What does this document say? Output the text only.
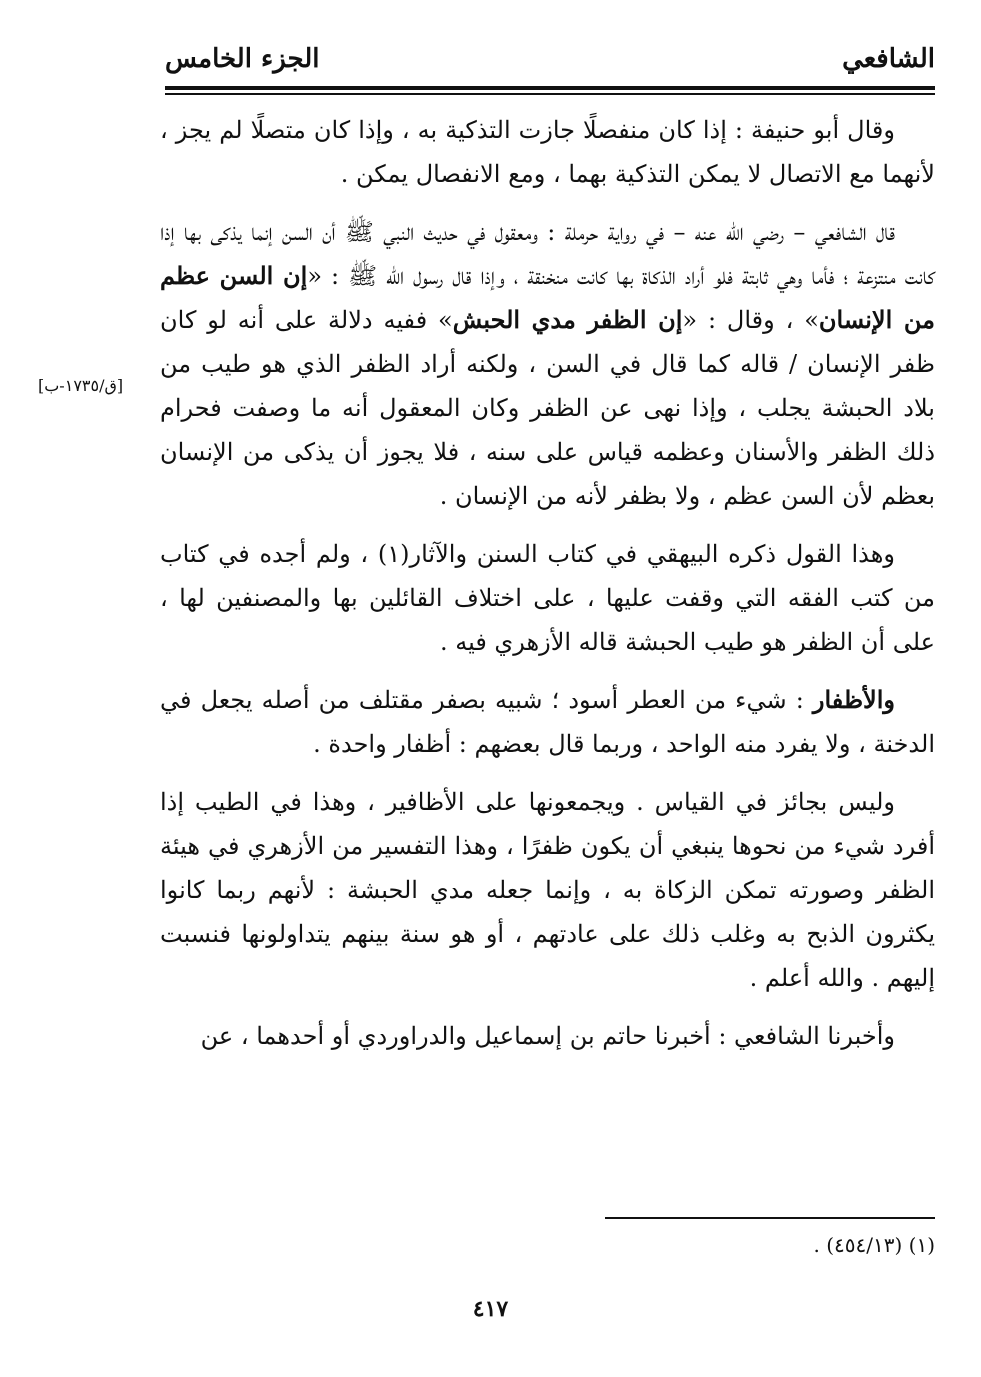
الشافعي
الجزء الخامس
[ق/١٧٣٥-ب]

وقال أبو حنيفة : إذا كان منفصلًا جازت التذكية به ، وإذا كان متصلًا لم يجز ، لأنهما مع الاتصال لا يمكن التذكية بهما ، ومع الانفصال يمكن .

قال الشافعي – رضي الله عنه – في رواية حرملة : ومعقول في حديث النبي ﷺ أن السن إنما يذكى بها إذا كانت منتزعة ؛ فأما وهي ثابتة فلو أراد الذكاة بها كانت منخنقة ، وإذا قال رسول الله ﷺ : «إن السن عظم من الإنسان» ، وقال : «إن الظفر مدي الحبش» ففيه دلالة على أنه لو كان ظفر الإنسان / قاله كما قال في السن ، ولكنه أراد الظفر الذي هو طيب من بلاد الحبشة يجلب ، وإذا نهى عن الظفر وكان المعقول أنه ما وصفت فحرام ذلك الظفر والأسنان وعظمه قياس على سنه ، فلا يجوز أن يذكى من الإنسان بعظم لأن السن عظم ، ولا بظفر لأنه من الإنسان .

وهذا القول ذكره البيهقي في كتاب السنن والآثار(١) ، ولم أجده في كتاب من كتب الفقه التي وقفت عليها ، على اختلاف القائلين بها والمصنفين لها ، على أن الظفر هو طيب الحبشة قاله الأزهري فيه .

والأظفار : شيء من العطر أسود ؛ شبيه بصفر مقتلف من أصله يجعل في الدخنة ، ولا يفرد منه الواحد ، وربما قال بعضهم : أظفار واحدة .

وليس بجائز في القياس . ويجمعونها على الأظافير ، وهذا في الطيب إذا أفرد شيء من نحوها ينبغي أن يكون ظفرًا ، وهذا التفسير من الأزهري في هيئة الظفر وصورته تمكن الزكاة به ، وإنما جعله مدي الحبشة : لأنهم ربما كانوا يكثرون الذبح به وغلب ذلك على عادتهم ، أو هو سنة بينهم يتداولونها فنسبت إليهم . والله أعلم .

وأخبرنا الشافعي : أخبرنا حاتم بن إسماعيل والدراوردي أو أحدهما ، عن

(١) (٤٥٤/١٣) .
٤١٧
